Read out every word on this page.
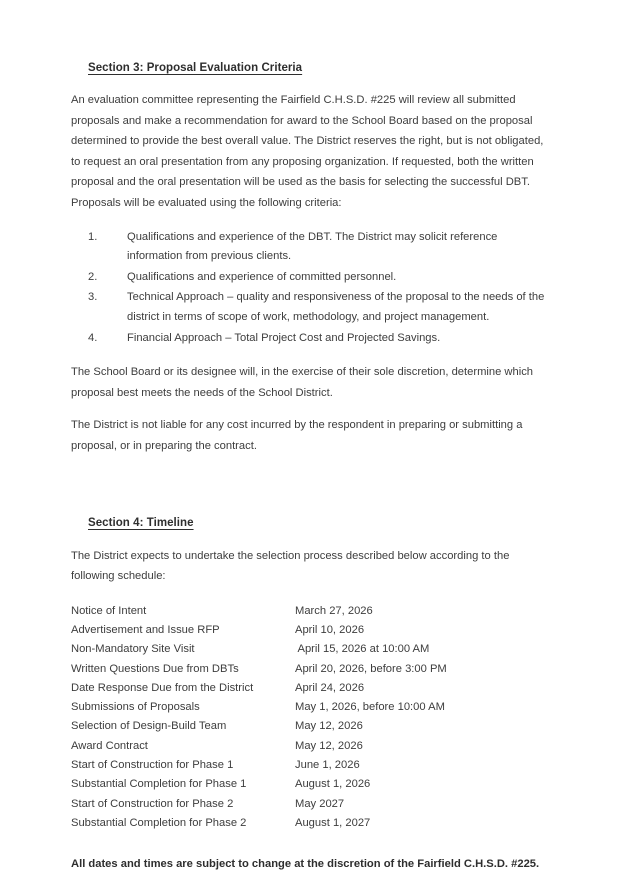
Section 3: Proposal Evaluation Criteria

An evaluation committee representing the Fairfield C.H.S.D. #225 will review all submitted proposals and make a recommendation for award to the School Board based on the proposal determined to provide the best overall value. The District reserves the right, but is not obligated, to request an oral presentation from any proposing organization. If requested, both the written proposal and the oral presentation will be used as the basis for selecting the successful DBT. Proposals will be evaluated using the following criteria:

Qualifications and experience of the DBT. The District may solicit reference information from previous clients.
Qualifications and experience of committed personnel.
Technical Approach – quality and responsiveness of the proposal to the needs of the district in terms of scope of work, methodology, and project management.
Financial Approach – Total Project Cost and Projected Savings.

The School Board or its designee will, in the exercise of their sole discretion, determine which proposal best meets the needs of the School District.

The District is not liable for any cost incurred by the respondent in preparing or submitting a proposal, or in preparing the contract.

Section 4: Timeline

The District expects to undertake the selection process described below according to the following schedule:

Notice of Intent	March 27, 2026
Advertisement and Issue RFP	April 10, 2026
Non-Mandatory Site Visit	April 15, 2026 at 10:00 AM
Written Questions Due from DBTs	April 20, 2026, before 3:00 PM
Date Response Due from the District	April 24, 2026
Submissions of Proposals	May 1, 2026, before 10:00 AM
Selection of Design-Build Team	May 12, 2026
Award Contract	May 12, 2026
Start of Construction for Phase 1	June 1, 2026
Substantial Completion for Phase 1	August 1, 2026
Start of Construction for Phase 2	May 2027
Substantial Completion for Phase 2	August 1, 2027

All dates and times are subject to change at the discretion of the Fairfield C.H.S.D. #225.
